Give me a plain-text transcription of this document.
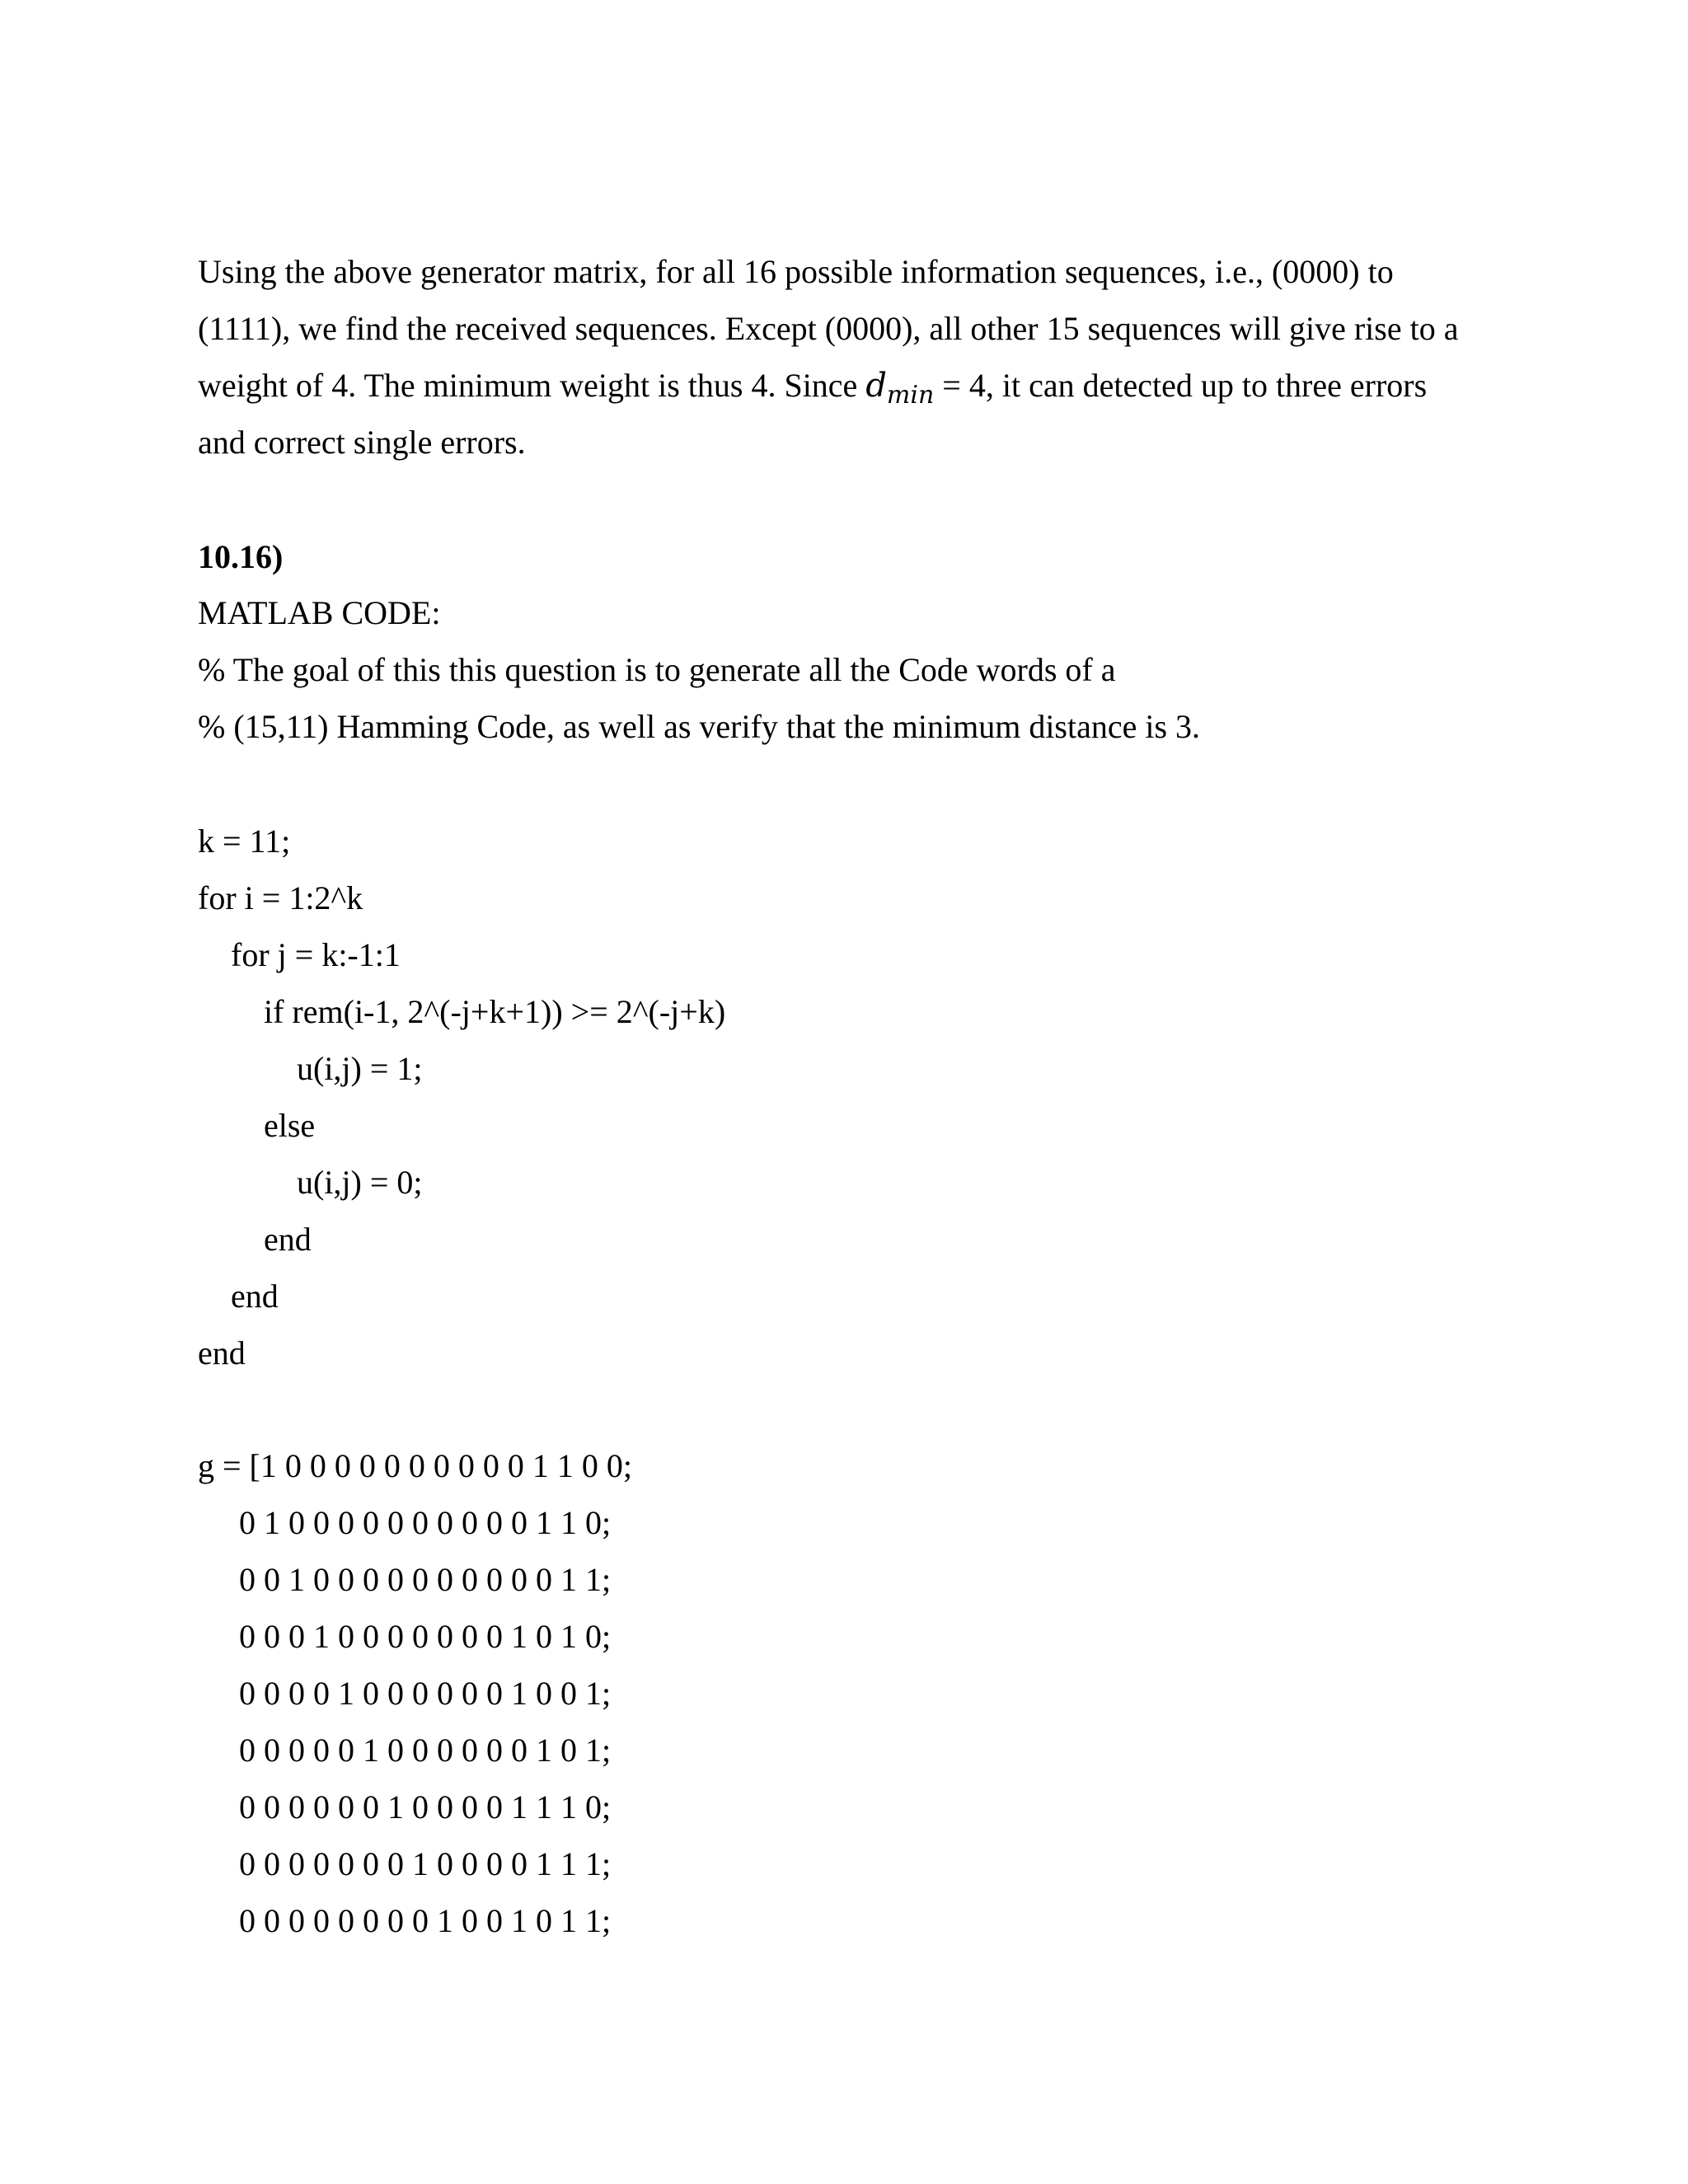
Using the above generator matrix, for all 16 possible information sequences, i.e., (0000) to

(1111), we find the received sequences. Except (0000), all other 15 sequences will give rise to a

weight of 4. The minimum weight is thus 4. Since $d_{min} = 4$, it can detected up to three errors

and correct single errors.

10.16)

MATLAB CODE:

% The goal of this this question is to generate all the Code words of a

% (15,11) Hamming Code, as well as verify that the minimum distance is 3.

k = 11;

for i = 1:2^k

for j = k:-1:1

if rem(i-1, 2^(-j+k+1)) >= 2^(-j+k)

u(i,j) = 1;

else

u(i,j) = 0;

end

end

end

g = [1 0 0 0 0 0 0 0 0 0 0 1 1 0 0;

0 1 0 0 0 0 0 0 0 0 0 0 1 1 0;

0 0 1 0 0 0 0 0 0 0 0 0 0 1 1;

0 0 0 1 0 0 0 0 0 0 0 1 0 1 0;

0 0 0 0 1 0 0 0 0 0 0 1 0 0 1;

0 0 0 0 0 1 0 0 0 0 0 0 1 0 1;

0 0 0 0 0 0 1 0 0 0 0 1 1 1 0;

0 0 0 0 0 0 0 1 0 0 0 0 1 1 1;

0 0 0 0 0 0 0 0 1 0 0 1 0 1 1;
